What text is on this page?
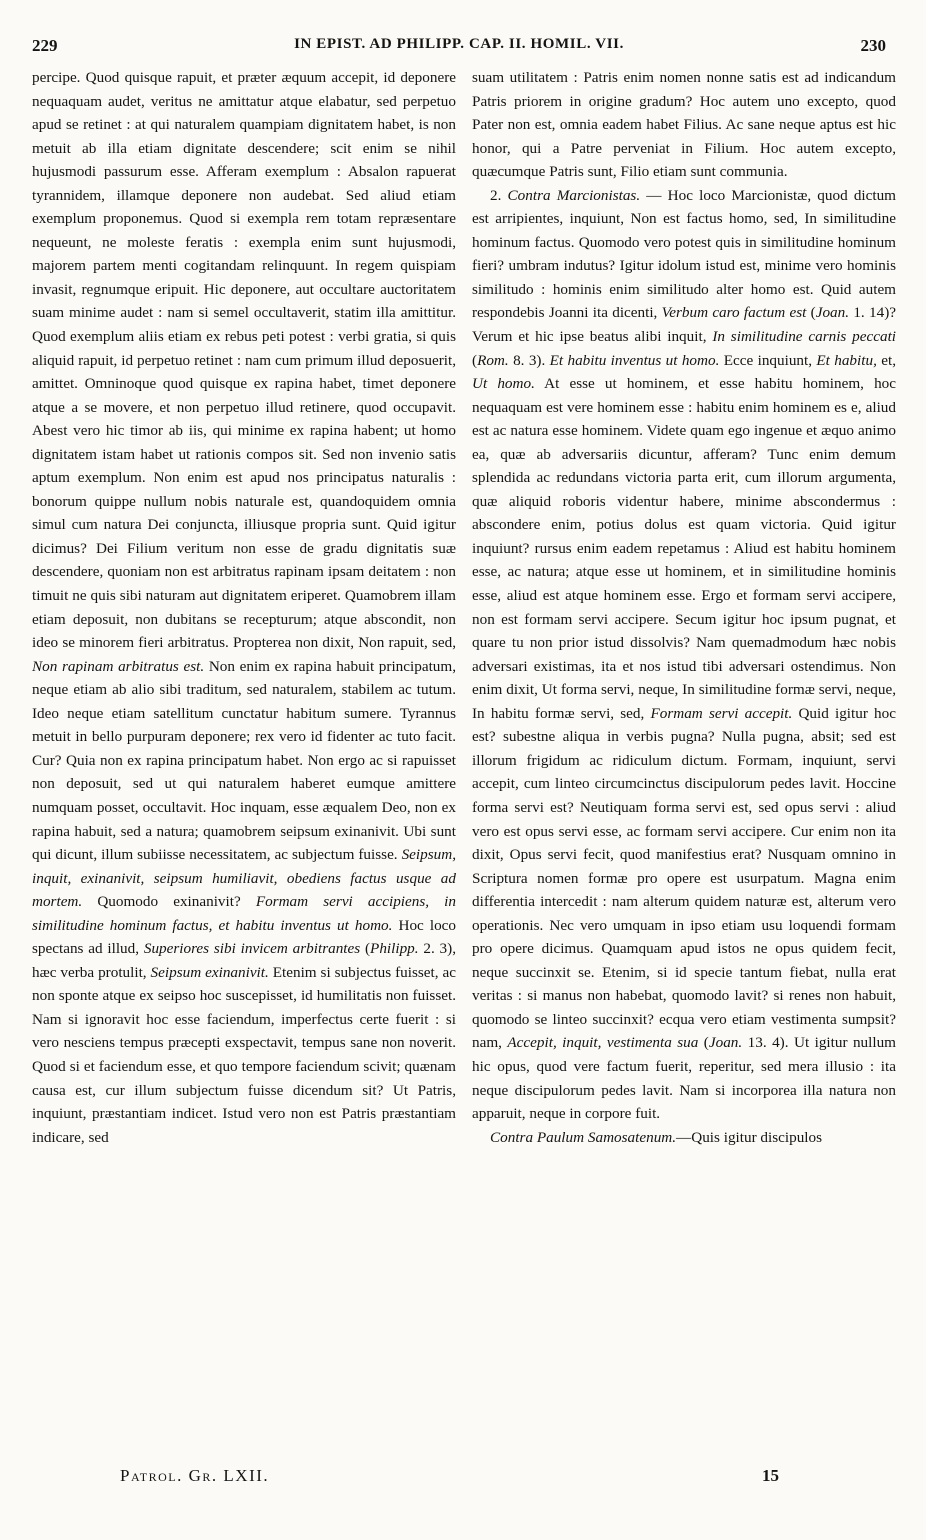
229	IN EPIST. AD PHILIPP. CAP. II. HOMIL. VII.	230

percipe. Quod quisque rapuit, et præter æquum accepit, id deponere nequaquam audet, veritus ne amittatur atque elabatur, sed perpetuo apud se retinet : at qui naturalem quampiam dignitatem habet, is non metuit ab illa etiam dignitate descendere; scit enim se nihil hujusmodi passurum esse. Afferam exemplum : Absalon rapuerat tyrannidem, illamque deponere non audebat. Sed aliud etiam exemplum proponemus. Quod si exempla rem totam repræsentare nequeunt, ne moleste feratis : exempla enim sunt hujusmodi, majorem partem menti cogitandam relinquunt. In regem quispiam invasit, regnumque eripuit. Hic deponere, aut occultare auctoritatem suam minime audet : nam si semel occultaverit, statim illa amittitur. Quod exemplum aliis etiam ex rebus peti potest : verbi gratia, si quis aliquid rapuit, id perpetuo retinet : nam cum primum illud deposuerit, amittet. Omninoque quod quisque ex rapina habet, timet deponere atque a se movere, et non perpetuo illud retinere, quod occupavit. Abest vero hic timor ab iis, qui minime ex rapina habent; ut homo dignitatem istam habet ut rationis compos sit. Sed non invenio satis aptum exemplum. Non enim est apud nos principatus naturalis : bonorum quippe nullum nobis naturale est, quandoquidem omnia simul cum natura Dei conjuncta, illiusque propria sunt. Quid igitur dicimus? Dei Filium veritum non esse de gradu dignitatis suæ descendere, quoniam non est arbitratus rapinam ipsam deitatem : non timuit ne quis sibi naturam aut dignitatem eriperet. Quamobrem illam etiam deposuit, non dubitans se recepturum; atque abscondit, non ideo se minorem fieri arbitratus. Propterea non dixit, Non rapuit, sed, Non rapinam arbitratus est. Non enim ex rapina habuit principatum, neque etiam ab alio sibi traditum, sed naturalem, stabilem ac tutum. Ideo neque etiam satellitum cunctatur habitum sumere. Tyrannus metuit in bello purpuram deponere; rex vero id fidenter ac tuto facit. Cur? Quia non ex rapina principatum habet. Non ergo ac si rapuisset non deposuit, sed ut qui naturalem haberet eumque amittere numquam posset, occultavit. Hoc inquam, esse æqualem Deo, non ex rapina habuit, sed a natura; quamobrem seipsum exinanivit. Ubi sunt qui dicunt, illum subiisse necessitatem, ac subjectum fuisse. Seipsum, inquit, exinanivit, seipsum humiliavit, obediens factus usque ad mortem. Quomodo exinanivit? Formam servi accipiens, in similitudine hominum factus, et habitu inventus ut homo. Hoc loco spectans ad illud, Superiores sibi invicem arbitrantes (Philipp. 2. 3), hæc verba protulit, Seipsum exinanivit. Etenim si subjectus fuisset, ac non sponte atque ex seipso hoc suscepisset, id humilitatis non fuisset. Nam si ignoravit hoc esse faciendum, imperfectus certe fuerit : si vero nesciens tempus præcepti exspectavit, tempus sane non noverit. Quod si et faciendum esse, et quo tempore faciendum scivit; quænam causa est, cur illum subjectum fuisse dicendum sit? Ut Patris, inquiunt, præstantiam indicet. Istud vero non est Patris præstantiam indicare, sed

suam utilitatem : Patris enim nomen nonne satis est ad indicandum Patris priorem in origine gradum? Hoc autem uno excepto, quod Pater non est, omnia eadem habet Filius. Ac sane neque aptus est hic honor, qui a Patre perveniat in Filium. Hoc autem excepto, quæcumque Patris sunt, Filio etiam sunt communia.

2. Contra Marcionistas. — Hoc loco Marcionistæ, quod dictum est arripientes, inquiunt, Non est factus homo, sed, In similitudine hominum factus. Quomodo vero potest quis in similitudine hominum fieri? umbram indutus? Igitur idolum istud est, minime vero hominis similitudo : hominis enim similitudo alter homo est. Quid autem respondebis Joanni ita dicenti, Verbum caro factum est (Joan. 1. 14)? Verum et hic ipse beatus alibi inquit, In similitudine carnis peccati (Rom. 8. 3). Et habitu inventus ut homo. Ecce inquiunt, Et habitu, et, Ut homo. At esse ut hominem, et esse habitu hominem, hoc nequaquam est vere hominem esse : habitu enim hominem es e, aliud est ac natura esse hominem. Videte quam ego ingenue et æquo animo ea, quæ ab adversariis dicuntur, afferam? Tunc enim demum splendida ac redundans victoria parta erit, cum illorum argumenta, quæ aliquid roboris videntur habere, minime abscondermus : abscondere enim, potius dolus est quam victoria. Quid igitur inquiunt? rursus enim eadem repetamus : Aliud est habitu hominem esse, ac natura; atque esse ut hominem, et in similitudine hominis esse, aliud est atque hominem esse. Ergo et formam servi accipere, non est formam servi accipere. Secum igitur hoc ipsum pugnat, et quare tu non prior istud dissolvis? Nam quemadmodum hæc nobis adversari existimas, ita et nos istud tibi adversari ostendimus. Non enim dixit, Ut forma servi, neque, In similitudine formæ servi, neque, In habitu formæ servi, sed, Formam servi accepit. Quid igitur hoc est? subestne aliqua in verbis pugna? Nulla pugna, absit; sed est illorum frigidum ac ridiculum dictum. Formam, inquiunt, servi accepit, cum linteo circumcinctus discipulorum pedes lavit. Hoccine forma servi est? Neutiquam forma servi est, sed opus servi : aliud vero est opus servi esse, ac formam servi accipere. Cur enim non ita dixit, Opus servi fecit, quod manifestius erat? Nusquam omnino in Scriptura nomen formæ pro opere est usurpatum. Magna enim differentia intercedit : nam alterum quidem naturæ est, alterum vero operationis. Nec vero umquam in ipso etiam usu loquendi formam pro opere dicimus. Quamquam apud istos ne opus quidem fecit, neque succinxit se. Etenim, si id specie tantum fiebat, nulla erat veritas : si manus non habebat, quomodo lavit? si renes non habuit, quomodo se linteo succinxit? ecqua vero etiam vestimenta sumpsit? nam, Accepit, inquit, vestimenta sua (Joan. 13. 4). Ut igitur nullum hic opus, quod vere factum fuerit, reperitur, sed mera illusio : ita neque discipulorum pedes lavit. Nam si incorporea illa natura non apparuit, neque in corpore fuit.

Contra Paulum Samosatenum.—Quis igitur discipulos

Patrol. Gr. LXII.	15
